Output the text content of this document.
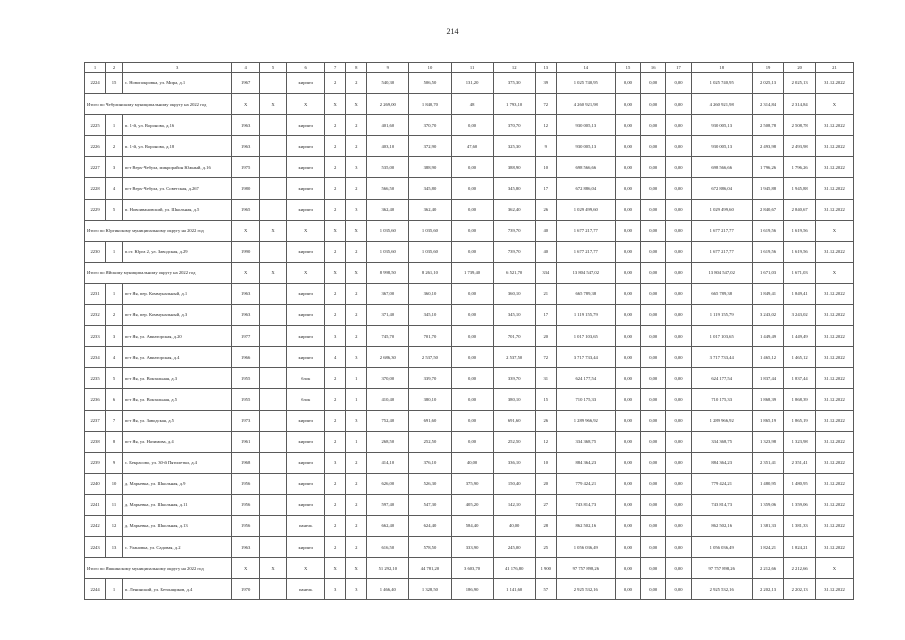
214
1	2	3	4	5	6	7	8	9	10	11	12	13	14	15	16	17	18	19	20	21
2224	15	с. Новопокровка, ул. Мира, д.1	1967		кирпич	2	2	540,30	506,50	131,20	375,30	39	1 025 740,95	0,00	0,00	0,00	1 025 740,95	2 025,13	2 025,13	31.12.2022
Итого по Чебулинскому муниципальному округу на 2022 год			X	X	X	X	X	2 269,00	1 840,70	48	1 793,10	72	4 260 921,98	0,00	0,00	0,00	4 260 921,98	2 314,84	2 314,84	X
2225	1	п. 1-й, ул. Воронова, д.16	1963		кирпич	2	2	401,60	370,70	0,00	370,70	12	930 005,13	0,00	0,00	0,00	930 005,13	2 508,78	2 508,78	31.12.2022
2226	2	п. 1-й, ул. Воронова, д.18	1963		кирпич	2	2	403,10	372,90	47,60	325,30	9	930 005,13	0,00	0,00	0,00	930 005,13	2 493,98	2 493,98	31.12.2022
2227	3	пгт Верх-Чебула, микрорайон Южный, д.16	1975		кирпич	2	3	535,00	388,90	0,00	388,90	10	698 566,66	0,00	0,00	0,00	698 566,66	1 796,26	1 796,26	31.12.2022
2228	4	пгт Верх-Чебула, ул. Советская, д.267	1980		кирпич	2	2	566,50	345,80	0,00	345,80	17	672 886,04	0,00	0,00	0,00	672 886,04	1 945,88	1 945,88	31.12.2022
2229	5	п. Новоивановский, ул. Школьная, д.5	1965		кирпич	2	3	362,40	362,40	0,00	362,40	26	1 029 499,60	0,00	0,00	0,00	1 029 499,60	2 840,67	2 840,67	31.12.2022
Итого по Юргинскому муниципальному округу на 2022 год			X	X	X	X	X	1 035,60	1 035,60	0,00	739,70	40	1 677 217,77	0,00	0,00	0,00	1 677 217,77	1 619,56	1 619,56	X
2230	1	п.ст. Юрга 2, ул. Заводская, д.29	1990		кирпич	2	2	1 035,60	1 035,60	0,00	739,70	40	1 677 217,77	0,00	0,00	0,00	1 677 217,77	1 619,56	1 619,56	31.12.2022
Итого по Яйскому муниципальному округу на 2022 год			X	X	X	X	X	8 998,50	8 261,10	1 739,40	6 521,70	334	13 804 547,02	0,00	0,00	0,00	13 804 547,02	1 671,03	1 671,03	X
2231	1	пгт Яя, пер. Коммунальный, д.1	1963		кирпич	2	2	367,00	360,10	0,00	360,10	21	665 789,38	0,00	0,00	0,00	665 789,38	1 849,41	1 849,41	31.12.2022
2232	2	пгт Яя, пер. Коммунальный, д.3	1963		кирпич	2	2	371,40	345,10	0,00	345,10	17	1 119 155,79	0,00	0,00	0,00	1 119 155,79	3 243,02	3 243,02	31.12.2022
2233	3	пгт Яя, ул. Авиаторская, д.20	1977		кирпич	3	2	745,70	701,70	0,00	701,70	20	1 017 103,65	0,00	0,00	0,00	1 017 103,65	1 449,49	1 449,49	31.12.2022
2234	4	пгт Яя, ул. Авиаторская, д.4	1966		кирпич	4	3	2 686,30	2 537,50	0,00	2 537,50	72	3 717 733,44	0,00	0,00	0,00	3 717 733,44	1 465,12	1 465,12	31.12.2022
2235	5	пгт Яя, ул. Вокзальная, д.3	1955		блок	2	1	370,00	339,70	0,00	339,70	31	624 177,54	0,00	0,00	0,00	624 177,54	1 837,44	1 837,44	31.12.2022
2236	6	пгт Яя, ул. Вокзальная, д.5	1955		блок	2	1	410,40	380,10	0,00	380,10	15	710 175,33	0,00	0,00	0,00	710 175,33	1 868,39	1 868,39	31.12.2022
2237	7	пгт Яя, ул. Заводская, д.5	1973		кирпич	2	3	752,40	691,60	0,00	691,60	26	1 289 966,92	0,00	0,00	0,00	1 289 966,92	1 865,19	1 865,19	31.12.2022
2238	8	пгт Яя, ул. Назимова, д.4	1961		кирпич	2	1	268,50	252,50	0,00	252,50	12	334 368,75	0,00	0,00	0,00	334 368,75	1 323,98	1 323,98	31.12.2022
2239	9	с. Бекрасово, ул. 30-й Пятилетки, д.4	1968		кирпич	3	2	414,10	376,10	40,00	336,10	10	884 364,23	0,00	0,00	0,00	884 364,23	2 351,41	2 351,41	31.12.2022
2240	10	д. Марьевка, ул. Школьная, д.9	1956		кирпич	2	2	626,00	526,30	375,90	150,40	20	779 424,21	0,00	0,00	0,00	779 424,21	1 480,95	1 480,95	31.12.2022
2241	11	д. Марьевка, ул. Школьная, д.11	1956		кирпич	2	2	597,40	547,30	405,20	142,10	27	743 814,73	0,00	0,00	0,00	743 814,73	1 359,06	1 359,06	31.12.2022
2242	12	д. Марьевка, ул. Школьная, д.13	1956		панель	2	2	662,40	624,40	584,40	40,00	28	862 502,16	0,00	0,00	0,00	862 502,16	1 381,33	1 381,33	31.12.2022
2243	13	с. Улановка, ул. Садовая, д.2	1963		кирпич	2	2	616,50	578,50	333,90	245,00	25	1 056 036,49	0,00	0,00	0,00	1 056 036,49	1 824,21	1 824,21	31.12.2022
Итого по Яшкинскому муниципальному округу на 2022 год			X	X	X	X	X	51 292,10	44 781,20	3 603,70	41 176,80	1 900	97 757 898,26	0,00	0,00	0,00	97 757 898,26	2 212,66	2 212,66	X
2244	1	п. Ленинский, ул. Бетонщиков, д.4	1970		панель	3	3	1 466,40	1 328,50	186,90	1 141,60	57	2 925 532,16	0,00	0,00	0,00	2 925 532,16	2 202,13	2 202,13	31.12.2022
